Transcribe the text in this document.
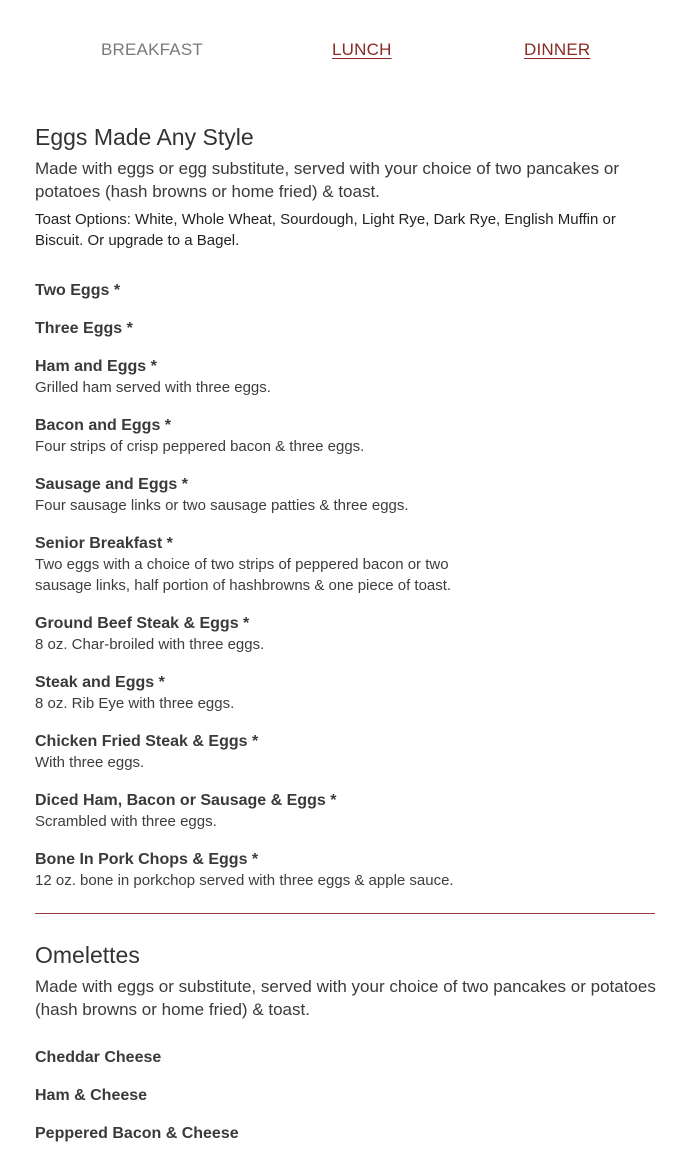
BREAKFAST	LUNCH	DINNER
Eggs Made Any Style

Made with eggs or egg substitute, served with your choice of two pancakes or potatoes (hash browns or home fried) & toast.

Toast Options: White, Whole Wheat, Sourdough, Light Rye, Dark Rye, English Muffin or Biscuit. Or upgrade to a Bagel.

Two Eggs *
Three Eggs *
Ham and Eggs *
Grilled ham served with three eggs.
Bacon and Eggs *
Four strips of crisp peppered bacon & three eggs.
Sausage and Eggs *
Four sausage links or two sausage patties & three eggs.
Senior Breakfast *
Two eggs with a choice of two strips of peppered bacon or two sausage links, half portion of hashbrowns & one piece of toast.
Ground Beef Steak & Eggs *
8 oz. Char-broiled with three eggs.
Steak and Eggs *
8 oz. Rib Eye with three eggs.
Chicken Fried Steak & Eggs *
With three eggs.
Diced Ham, Bacon or Sausage & Eggs *
Scrambled with three eggs.
Bone In Pork Chops & Eggs *
12 oz. bone in porkchop served with three eggs & apple sauce.
Omelettes

Made with eggs or substitute, served with your choice of two pancakes or potatoes (hash browns or home fried) & toast.

Cheddar Cheese
Ham & Cheese
Peppered Bacon & Cheese
